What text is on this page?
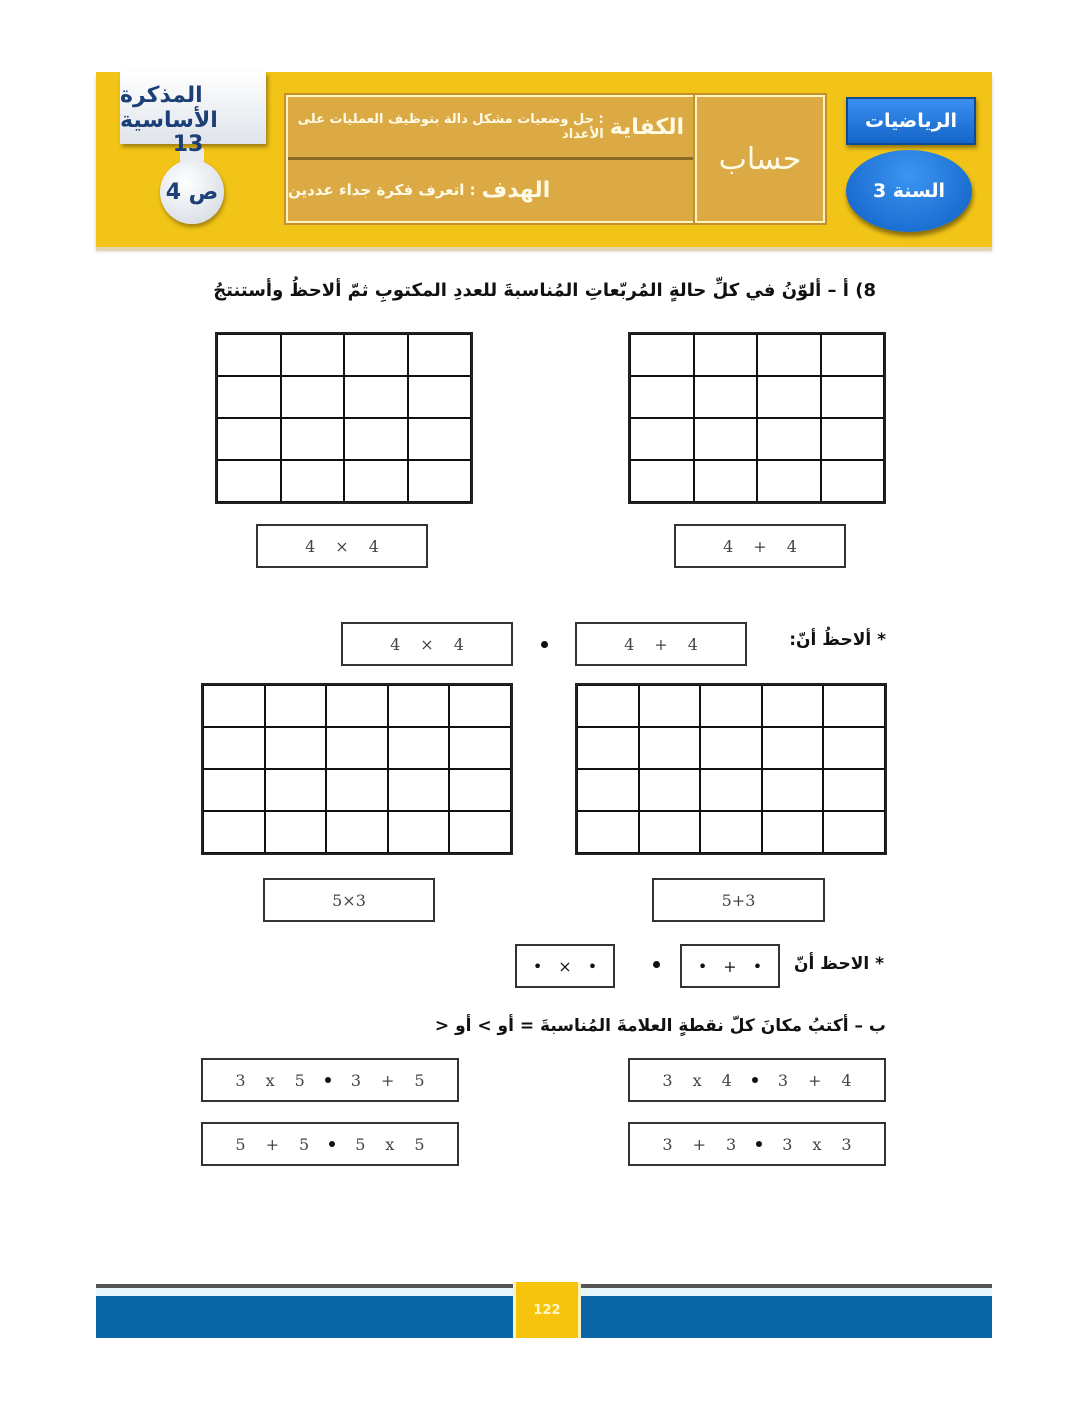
المذكرة الأساسية
13
ص 4
الكفاية
: حل وضعيات مشكل دالة بتوظيف العمليات على الأعداد
الهدف
: اتعرف فكرة جداء عددين
حساب
الرياضيات
السنة 3
8) أ – ألوّنُ في كلِّ حالةٍ المُربّعاتِ المُناسبةَ للعددِ المكتوبِ ثمّ ألاحظُ وأستنتجُ
4 × 4	4 + 4
* ألاحظُ أنّ:
4 × 4	4 + 4
5×3	5+3
* الاحظ أنّ
• × •	• + •
ب – أكتبُ مكانَ كلّ نقطةٍ العلامةَ المُناسبةَ = أو > أو <
3 x 5	3 + 5
5 + 5	5 x 5
3 x 4	3 + 4
3 + 3	3 x 3
122
